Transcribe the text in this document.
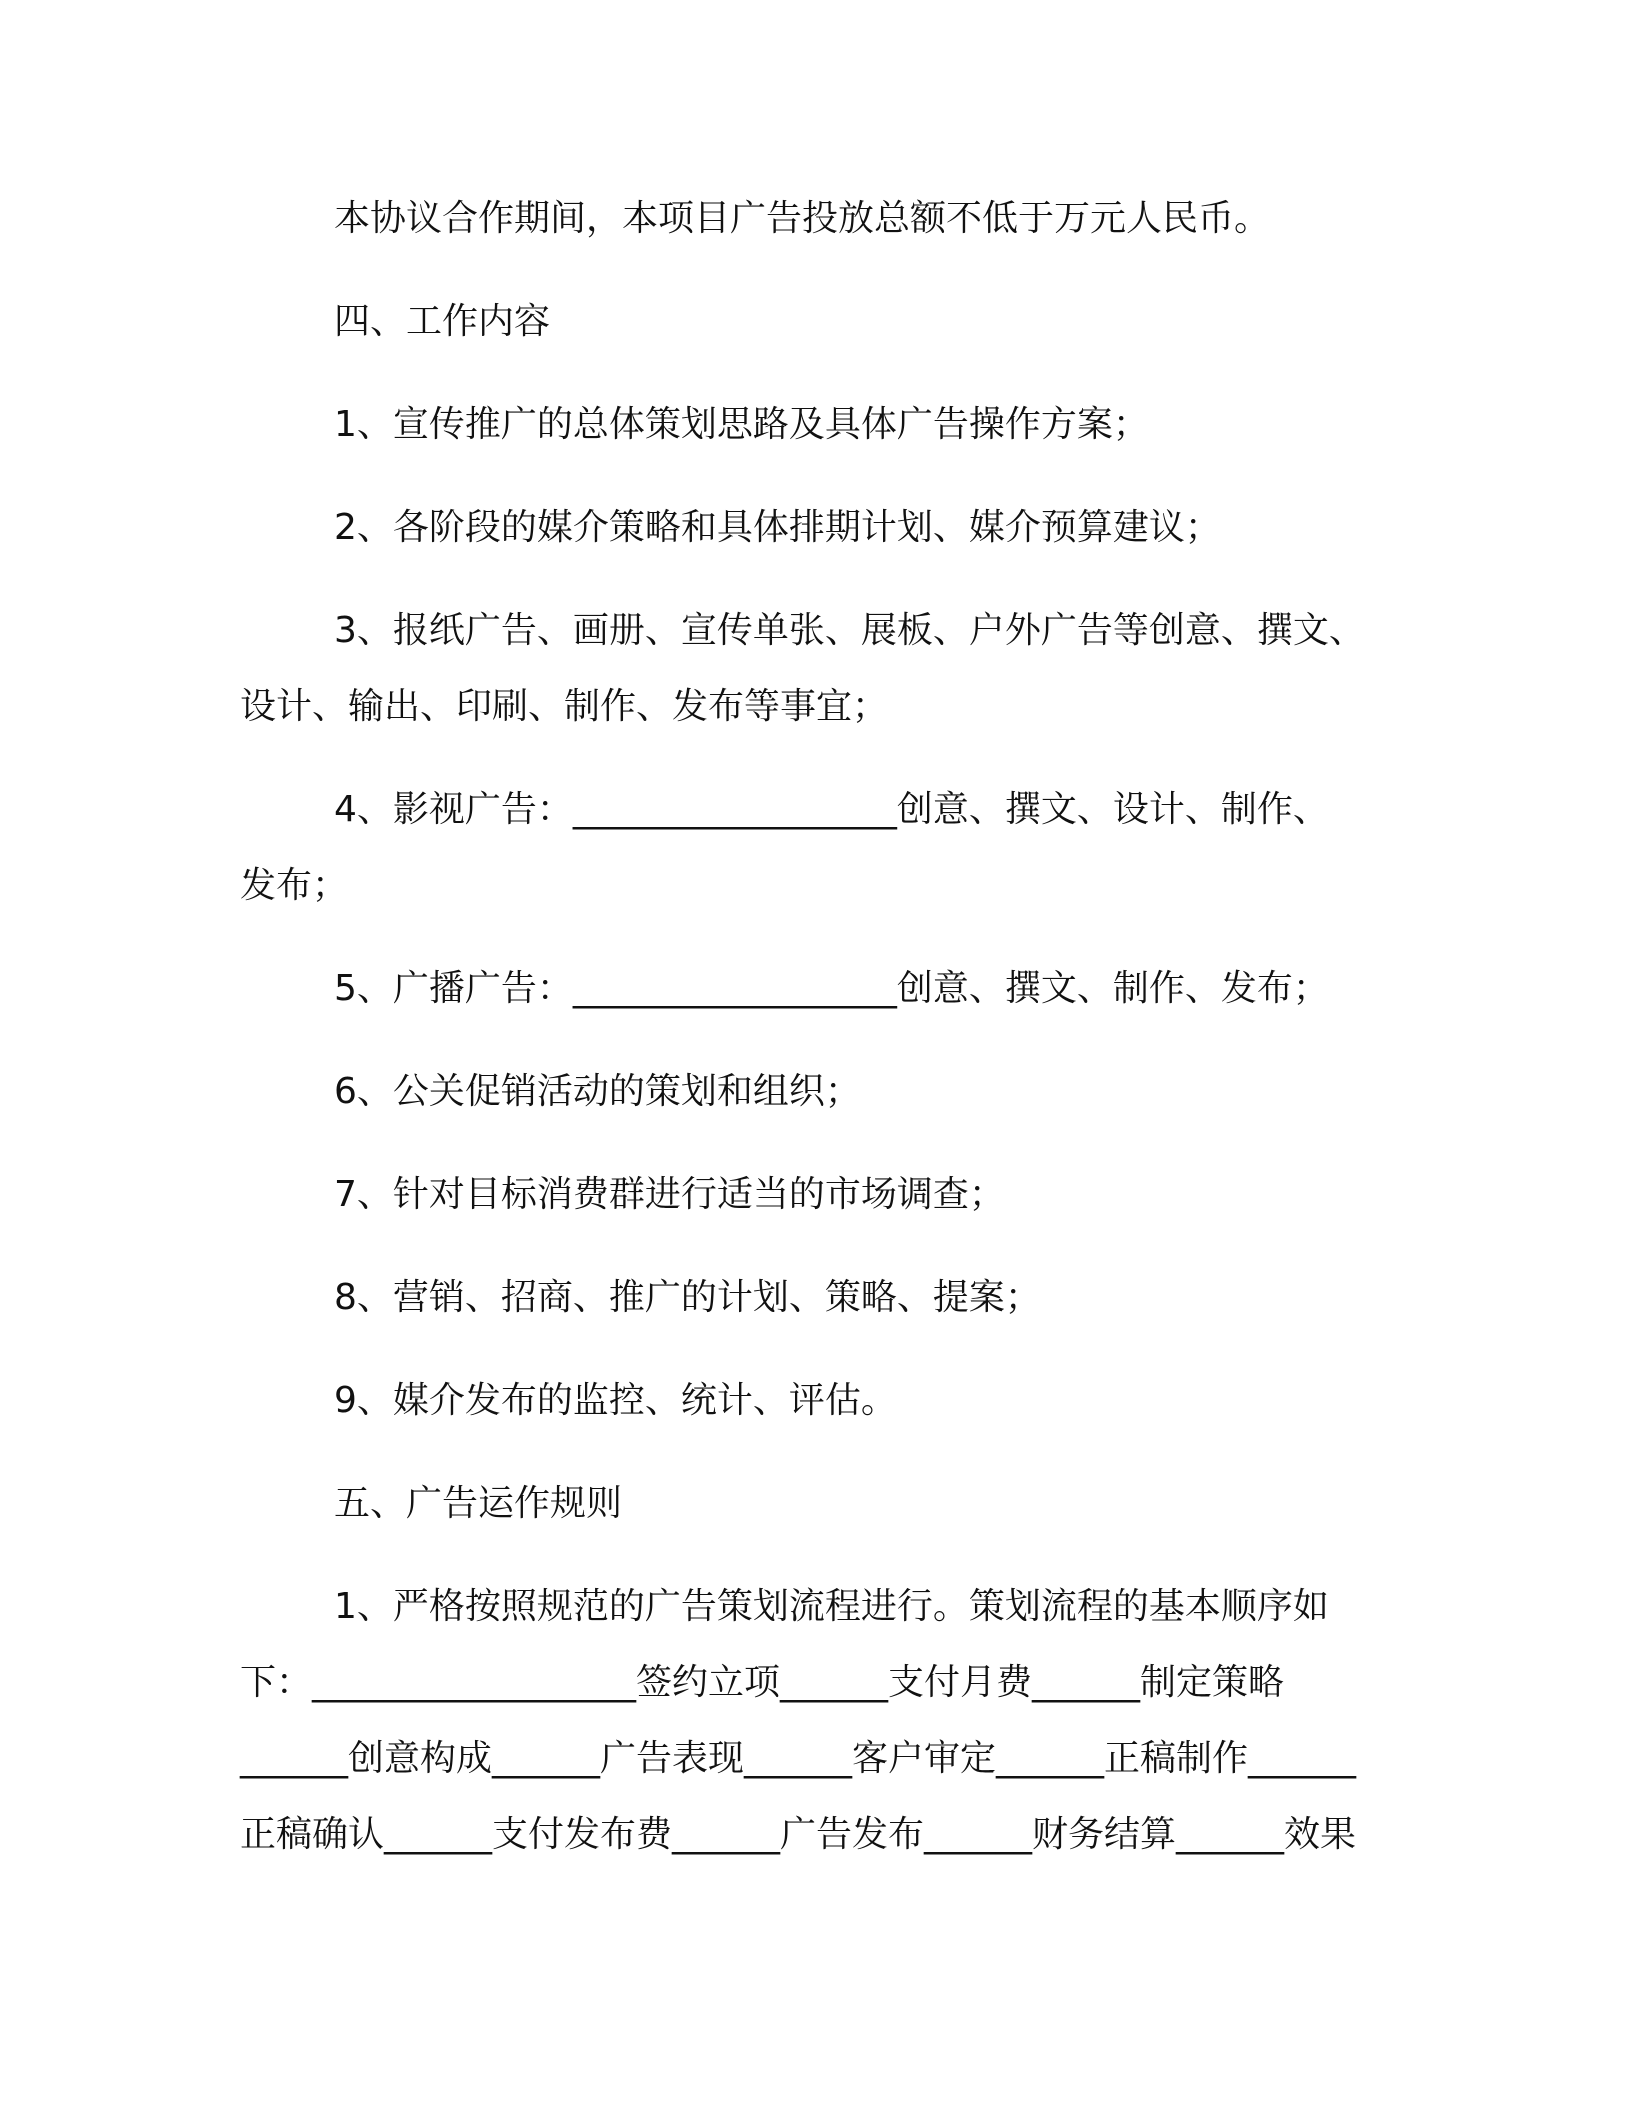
本协议合作期间，本项目广告投放总额不低于万元人民币。
四、工作内容
1、宣传推广的总体策划思路及具体广告操作方案；
2、各阶段的媒介策略和具体排期计划、媒介预算建议；
3、报纸广告、画册、宣传单张、展板、户外广告等创意、撰文、
设计、输出、印刷、制作、发布等事宜；
4、影视广告：__________________创意、撰文、设计、制作、
发布；
5、广播广告：__________________创意、撰文、制作、发布；
6、公关促销活动的策划和组织；
7、针对目标消费群进行适当的市场调查；
8、营销、招商、推广的计划、策略、提案；
9、媒介发布的监控、统计、评估。
五、广告运作规则
1、严格按照规范的广告策划流程进行。策划流程的基本顺序如
下：__________________签约立项______支付月费______制定策略
______创意构成______广告表现______客户审定______正稿制作______
正稿确认______支付发布费______广告发布______财务结算______效果
